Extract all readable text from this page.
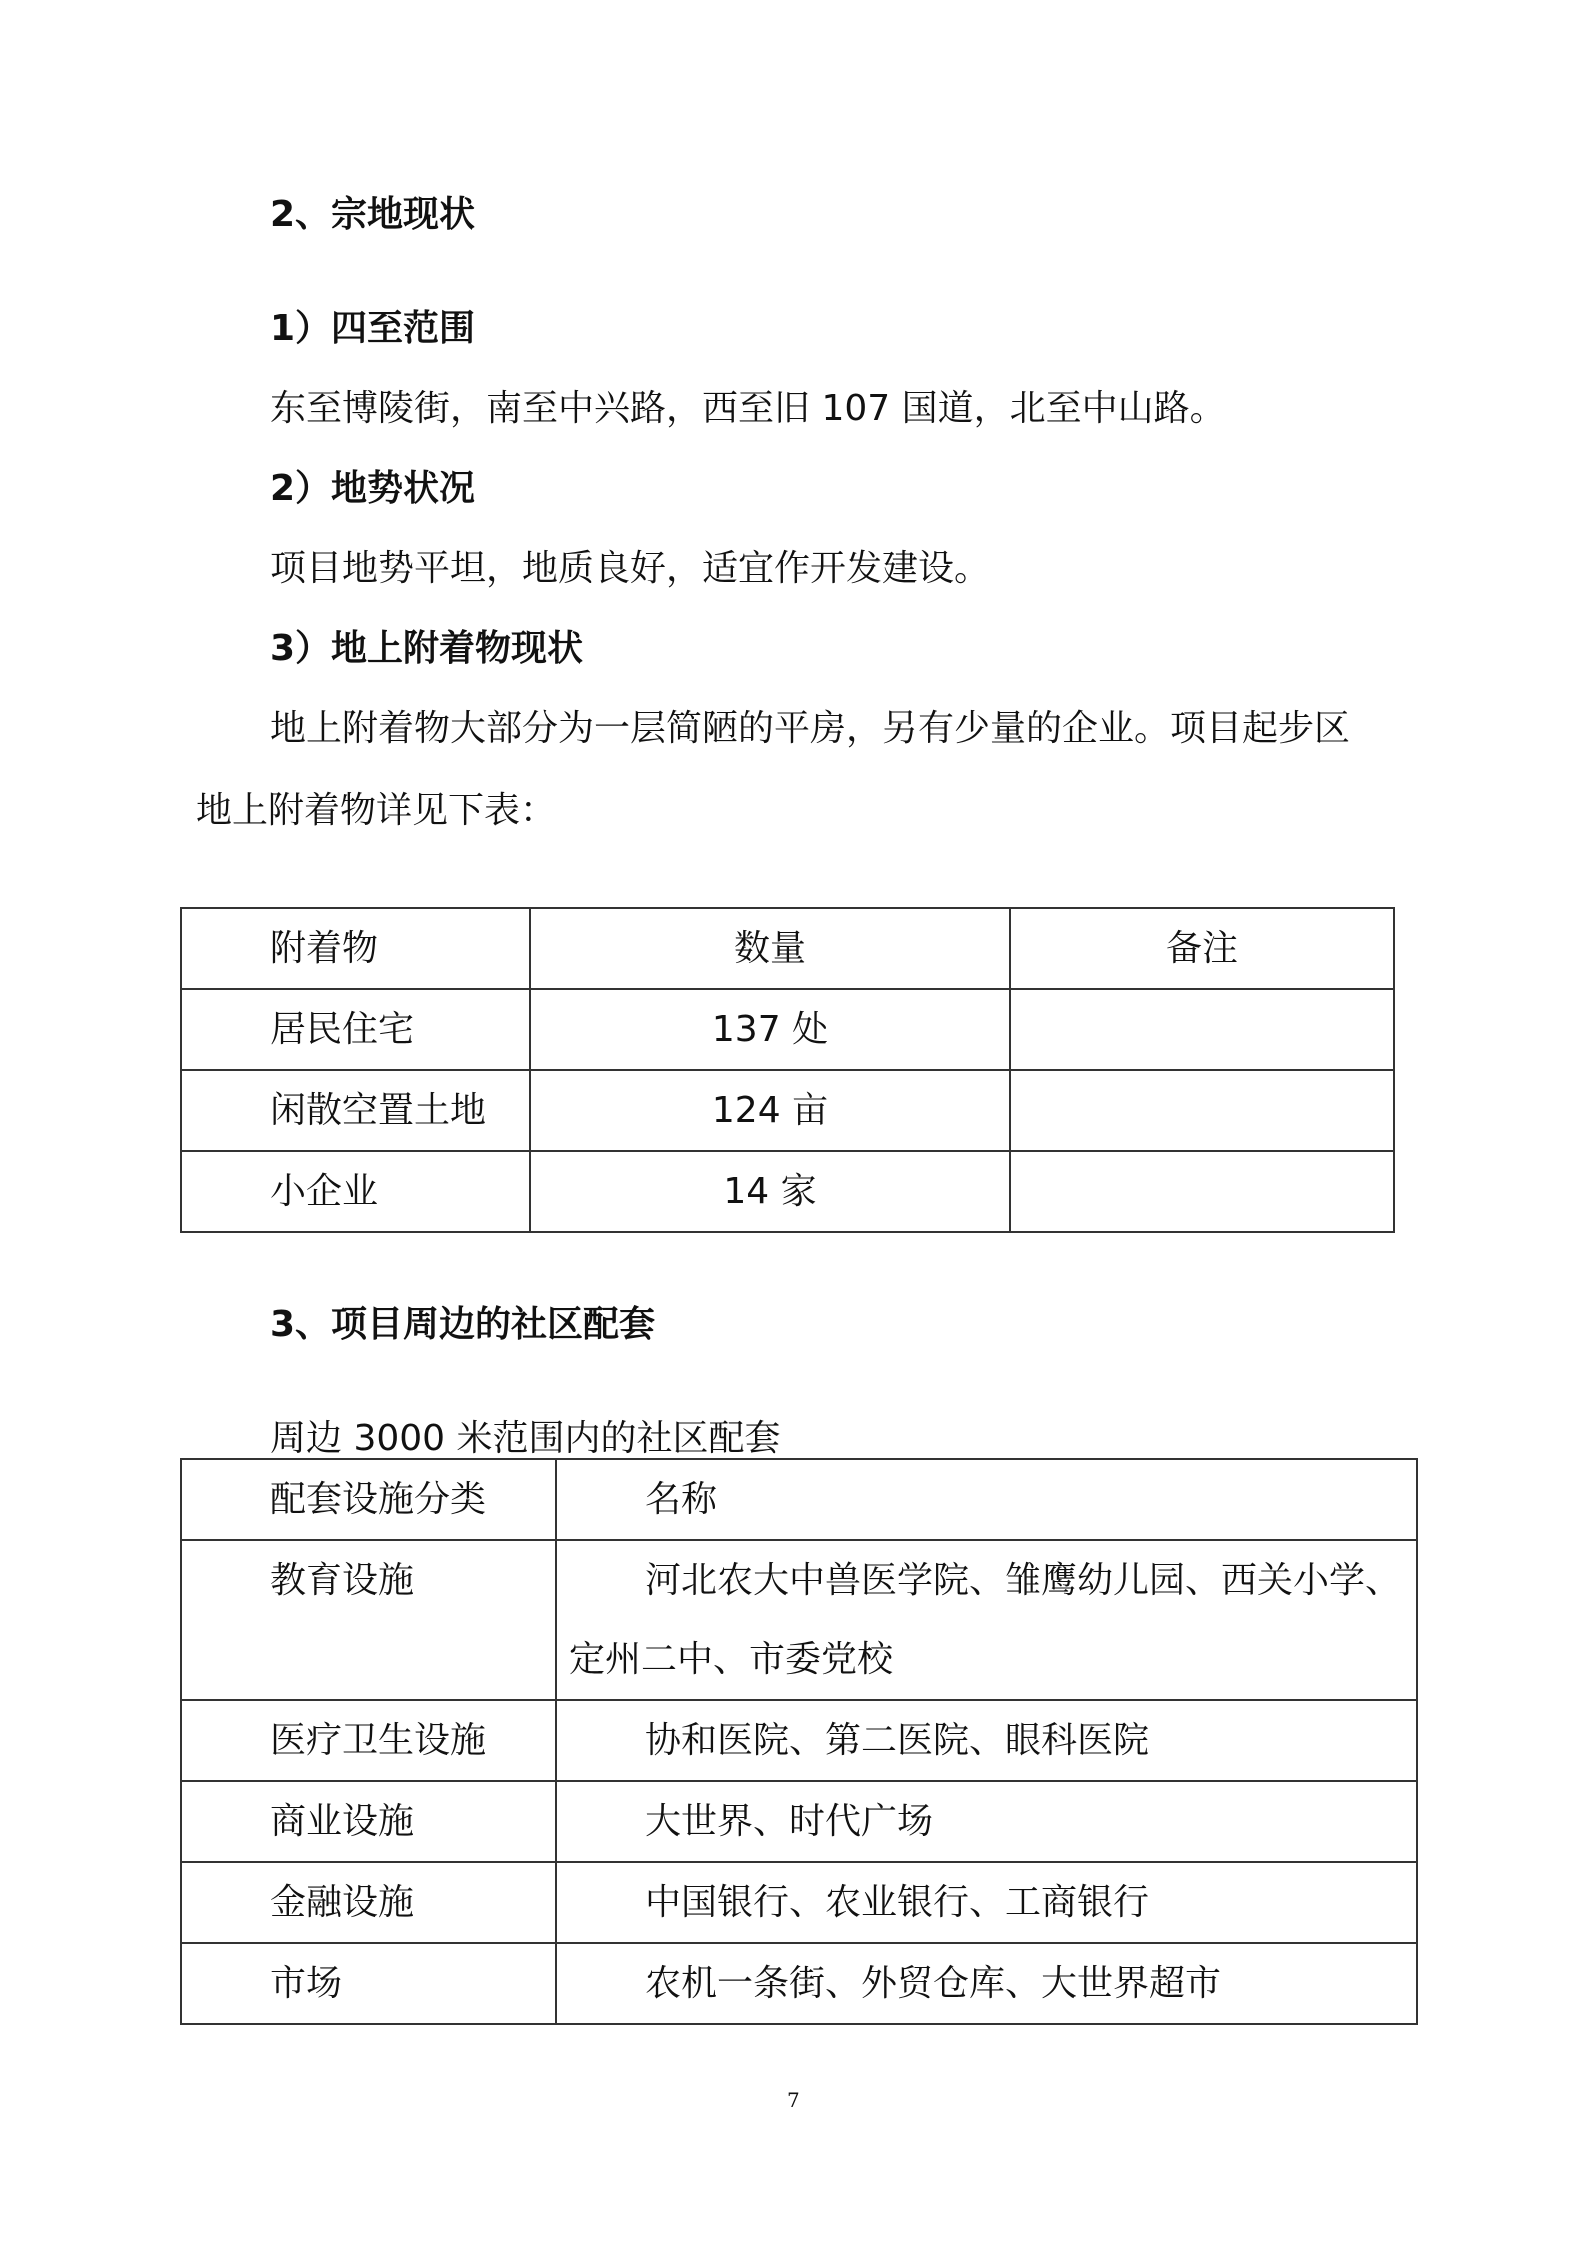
2、宗地现状
1）四至范围
东至博陵街，南至中兴路，西至旧 107 国道，北至中山路。
2）地势状况
项目地势平坦，地质良好，适宜作开发建设。
3）地上附着物现状
地上附着物大部分为一层简陋的平房，另有少量的企业。项目起步区
地上附着物详见下表：
附着物	数量	备注
居民住宅	137 处	
闲散空置土地	124 亩	
小企业	14 家	
3、项目周边的社区配套
周边 3000 米范围内的社区配套
配套设施分类	名称
教育设施	河北农大中兽医学院、雏鹰幼儿园、西关小学、
定州二中、市委党校

医疗卫生设施	协和医院、第二医院、眼科医院
商业设施	大世界、时代广场
金融设施	中国银行、农业银行、工商银行
市场	农机一条街、外贸仓库、大世界超市
7
